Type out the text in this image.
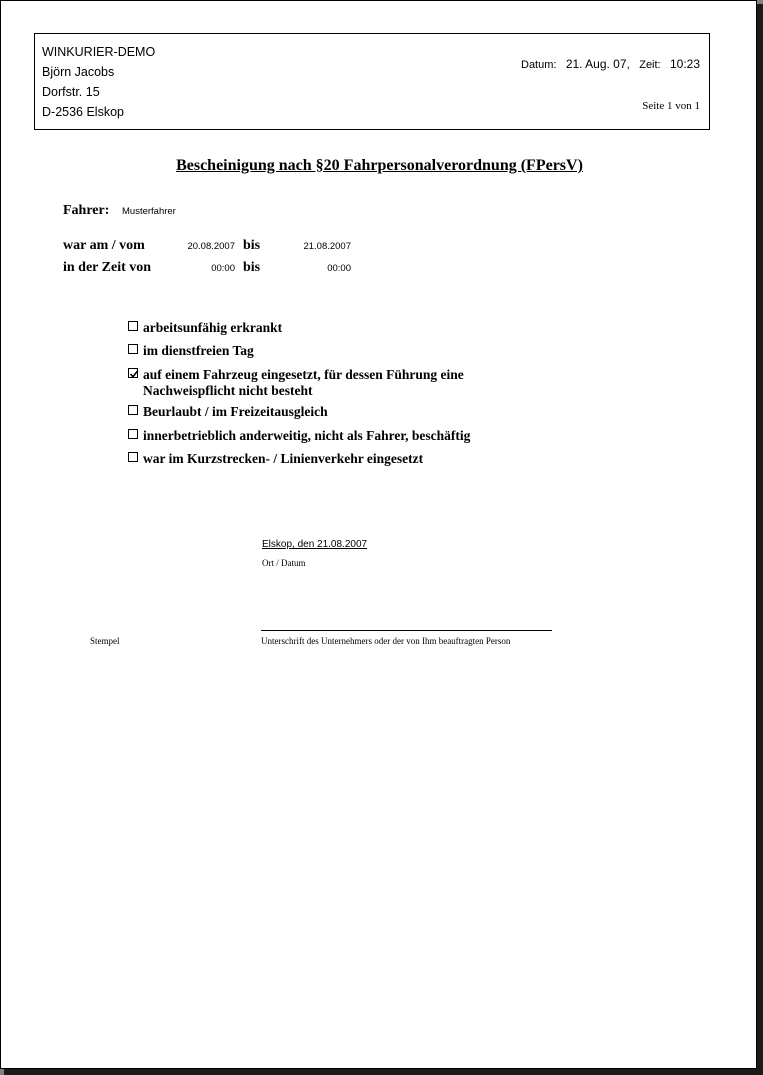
WINKURIER-DEMO
Björn Jacobs
Dorfstr. 15
D-2536 Elskop
Datum: 21. Aug. 07, Zeit: 10:23
Seite 1 von 1
Bescheinigung nach §20 Fahrpersonalverordnung (FPersV)
Fahrer: Musterfahrer
war am / vom	20.08.2007 bis	21.08.2007
in der Zeit von	00:00 bis	00:00
arbeitsunfähig erkrankt
im dienstfreien Tag
auf einem Fahrzeug eingesetzt, für dessen Führung eine
Nachweispflicht nicht besteht
Beurlaubt / im Freizeitausgleich
innerbetrieblich anderweitig, nicht als Fahrer, beschäftig
war im Kurzstrecken- / Linienverkehr eingesetzt
Elskop, den 21.08.2007
Ort / Datum
Stempel	Unterschrift des Unternehmers oder der von Ihm beauftragten Person
